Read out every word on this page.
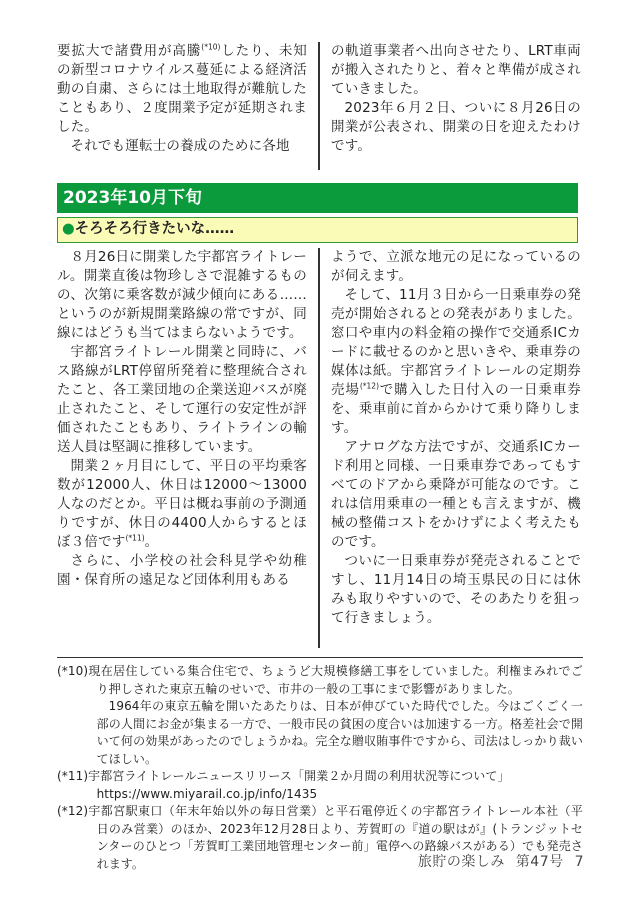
要拡大で諸費用が高騰$^{(*10)}$したり、未知の新型コロナウイルス蔓延による経済活動の自粛、さらには土地取得が難航したこともあり、２度開業予定が延期されました。

それでも運転士の養成のために各地

の軌道事業者へ出向させたり、LRT車両が搬入されたりと、着々と準備が成されていきました。

2023年６月２日、ついに８月26日の開業が公表され、開業の日を迎えたわけです。

2023年10月下旬
●そろそろ行きたいな……

８月26日に開業した宇都宮ライトレール。開業直後は物珍しさで混雑するものの、次第に乗客数が減少傾向にある……というのが新規開業路線の常ですが、同線にはどうも当てはまらないようです。

宇都宮ライトレール開業と同時に、バス路線がLRT停留所発着に整理統合されたこと、各工業団地の企業送迎バスが廃止されたこと、そして運行の安定性が評価されたこともあり、ライトラインの輸送人員は堅調に推移しています。

開業２ヶ月目にして、平日の平均乗客数が12000人、休日は12000～13000人なのだとか。平日は概ね事前の予測通りですが、休日の4400人からするとほぼ３倍です$^{(*11)}$。

さらに、小学校の社会科見学や幼稚園・保育所の遠足など団体利用もある

ようで、立派な地元の足になっているのが伺えます。

そして、11月３日から一日乗車券の発売が開始されるとの発表がありました。窓口や車内の料金箱の操作で交通系ICカードに載せるのかと思いきや、乗車券の媒体は紙。宇都宮ライトレールの定期券売場$^{(*12)}$で購入した日付入の一日乗車券を、乗車前に首からかけて乗り降りします。

アナログな方法ですが、交通系ICカード利用と同様、一日乗車券であってもすべてのドアから乗降が可能なのです。これは信用乗車の一種とも言えますが、機械の整備コストをかけずによく考えたものです。

ついに一日乗車券が発売されることですし、11月14日の埼玉県民の日には休みも取りやすいので、そのあたりを狙って行きましょう。

(*10)現在居住している集合住宅で、ちょうど大規模修繕工事をしていました。利権まみれでごり押しされた東京五輪のせいで、市井の一般の工事にまで影響がありました。

1964年の東京五輪を開いたあたりは、日本が伸びていた時代でした。今はごくごく一部の人間にお金が集まる一方で、一般市民の貧困の度合いは加速する一方。格差社会で開いて何の効果があったのでしょうかね。完全な贈収賄事件ですから、司法はしっかり裁いてほしい。

(*11)宇都宮ライトレールニュースリリース「開業２か月間の利用状況等について」

https://www.miyarail.co.jp/info/1435

(*12)宇都宮駅東口（年末年始以外の毎日営業）と平石電停近くの宇都宮ライトレール本社（平日のみ営業）のほか、2023年12月28日より、芳賀町の『道の駅はが』(トランジットセンターのひとつ「芳賀町工業団地管理センター前」電停への路線バスがある）でも発売されます。	旅貯の楽しみ 第47号 7
